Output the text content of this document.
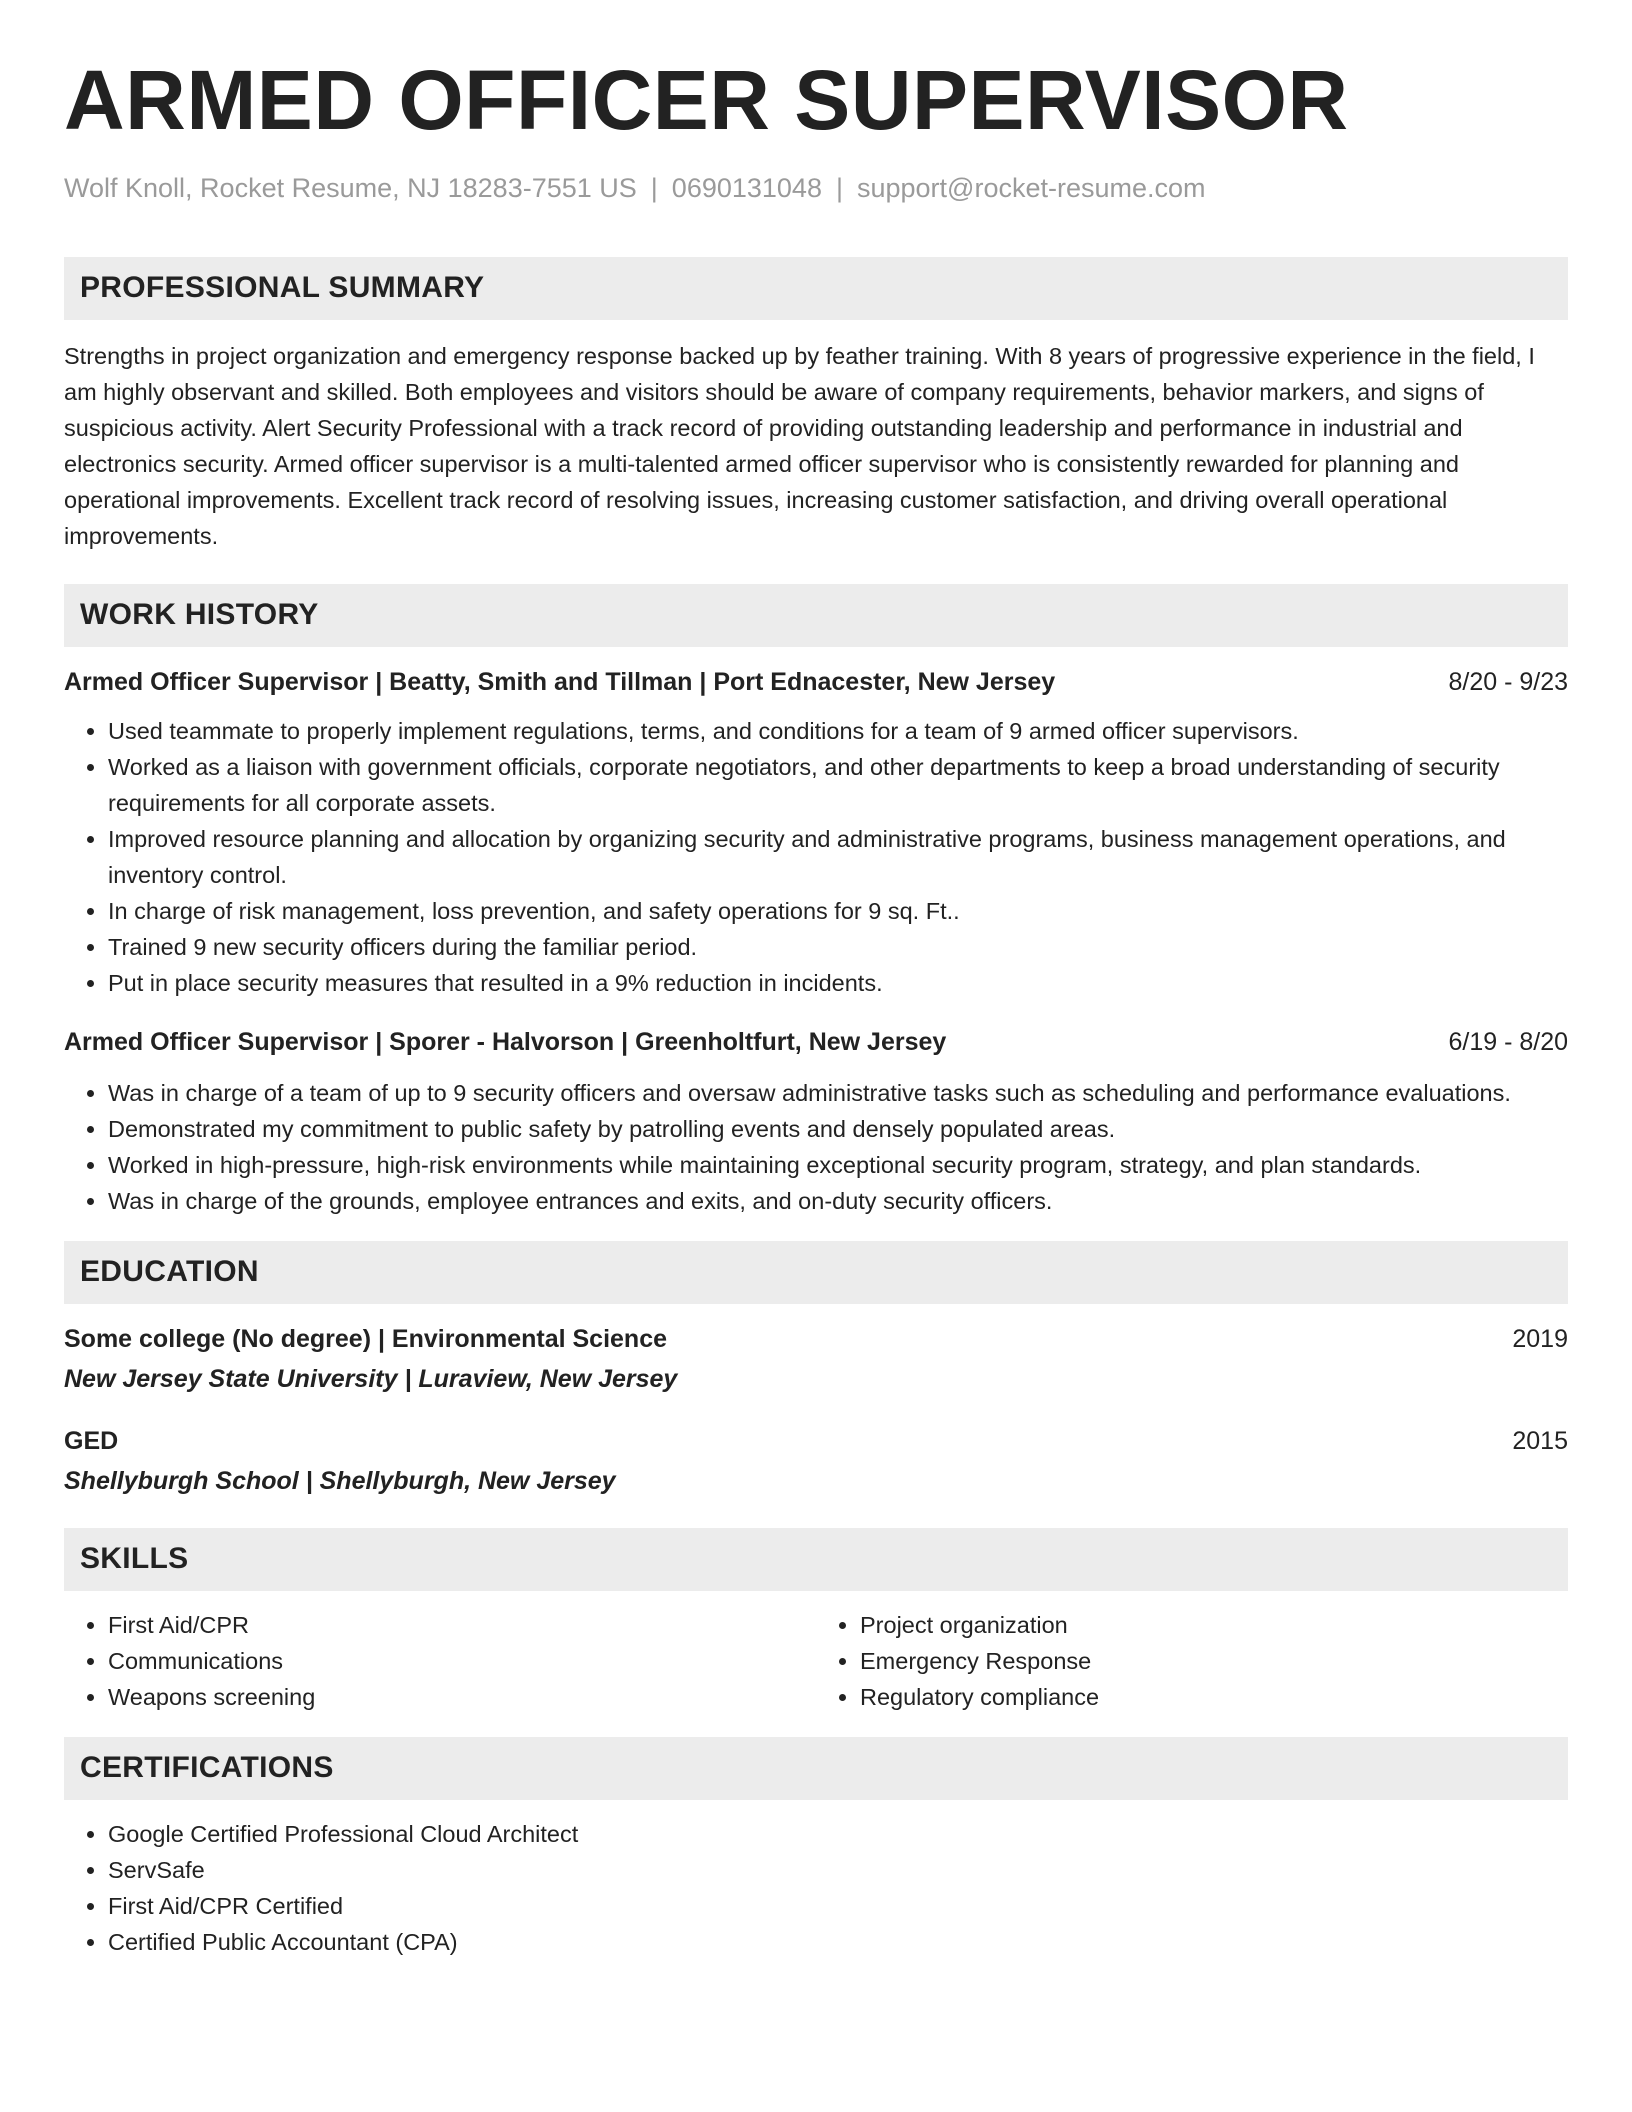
ARMED OFFICER SUPERVISOR
Wolf Knoll, Rocket Resume, NJ 18283-7551 US | 0690131048 | support@rocket-resume.com
PROFESSIONAL SUMMARY

Strengths in project organization and emergency response backed up by feather training. With 8 years of progressive experience in the field, I am highly observant and skilled. Both employees and visitors should be aware of company requirements, behavior markers, and signs of suspicious activity. Alert Security Professional with a track record of providing outstanding leadership and performance in industrial and electronics security. Armed officer supervisor is a multi-talented armed officer supervisor who is consistently rewarded for planning and operational improvements. Excellent track record of resolving issues, increasing customer satisfaction, and driving overall operational improvements.

WORK HISTORY
Armed Officer Supervisor | Beatty, Smith and Tillman | Port Ednacester, New Jersey	8/20 - 9/23
• Used teammate to properly implement regulations, terms, and conditions for a team of 9 armed officer supervisors.
• Worked as a liaison with government officials, corporate negotiators, and other departments to keep a broad understanding of security requirements for all corporate assets.
• Improved resource planning and allocation by organizing security and administrative programs, business management operations, and inventory control.
• In charge of risk management, loss prevention, and safety operations for 9 sq. Ft..
• Trained 9 new security officers during the familiar period.
• Put in place security measures that resulted in a 9% reduction in incidents.
Armed Officer Supervisor | Sporer - Halvorson | Greenholtfurt, New Jersey	6/19 - 8/20
• Was in charge of a team of up to 9 security officers and oversaw administrative tasks such as scheduling and performance evaluations.
• Demonstrated my commitment to public safety by patrolling events and densely populated areas.
• Worked in high-pressure, high-risk environments while maintaining exceptional security program, strategy, and plan standards.
• Was in charge of the grounds, employee entrances and exits, and on-duty security officers.
EDUCATION
Some college (No degree) | Environmental Science	2019
New Jersey State University | Luraview, New Jersey
GED	2015
Shellyburgh School | Shellyburgh, New Jersey
SKILLS
• First Aid/CPR
• Communications
• Weapons screening
• Project organization
• Emergency Response
• Regulatory compliance
CERTIFICATIONS
• Google Certified Professional Cloud Architect
• ServSafe
• First Aid/CPR Certified
• Certified Public Accountant (CPA)
